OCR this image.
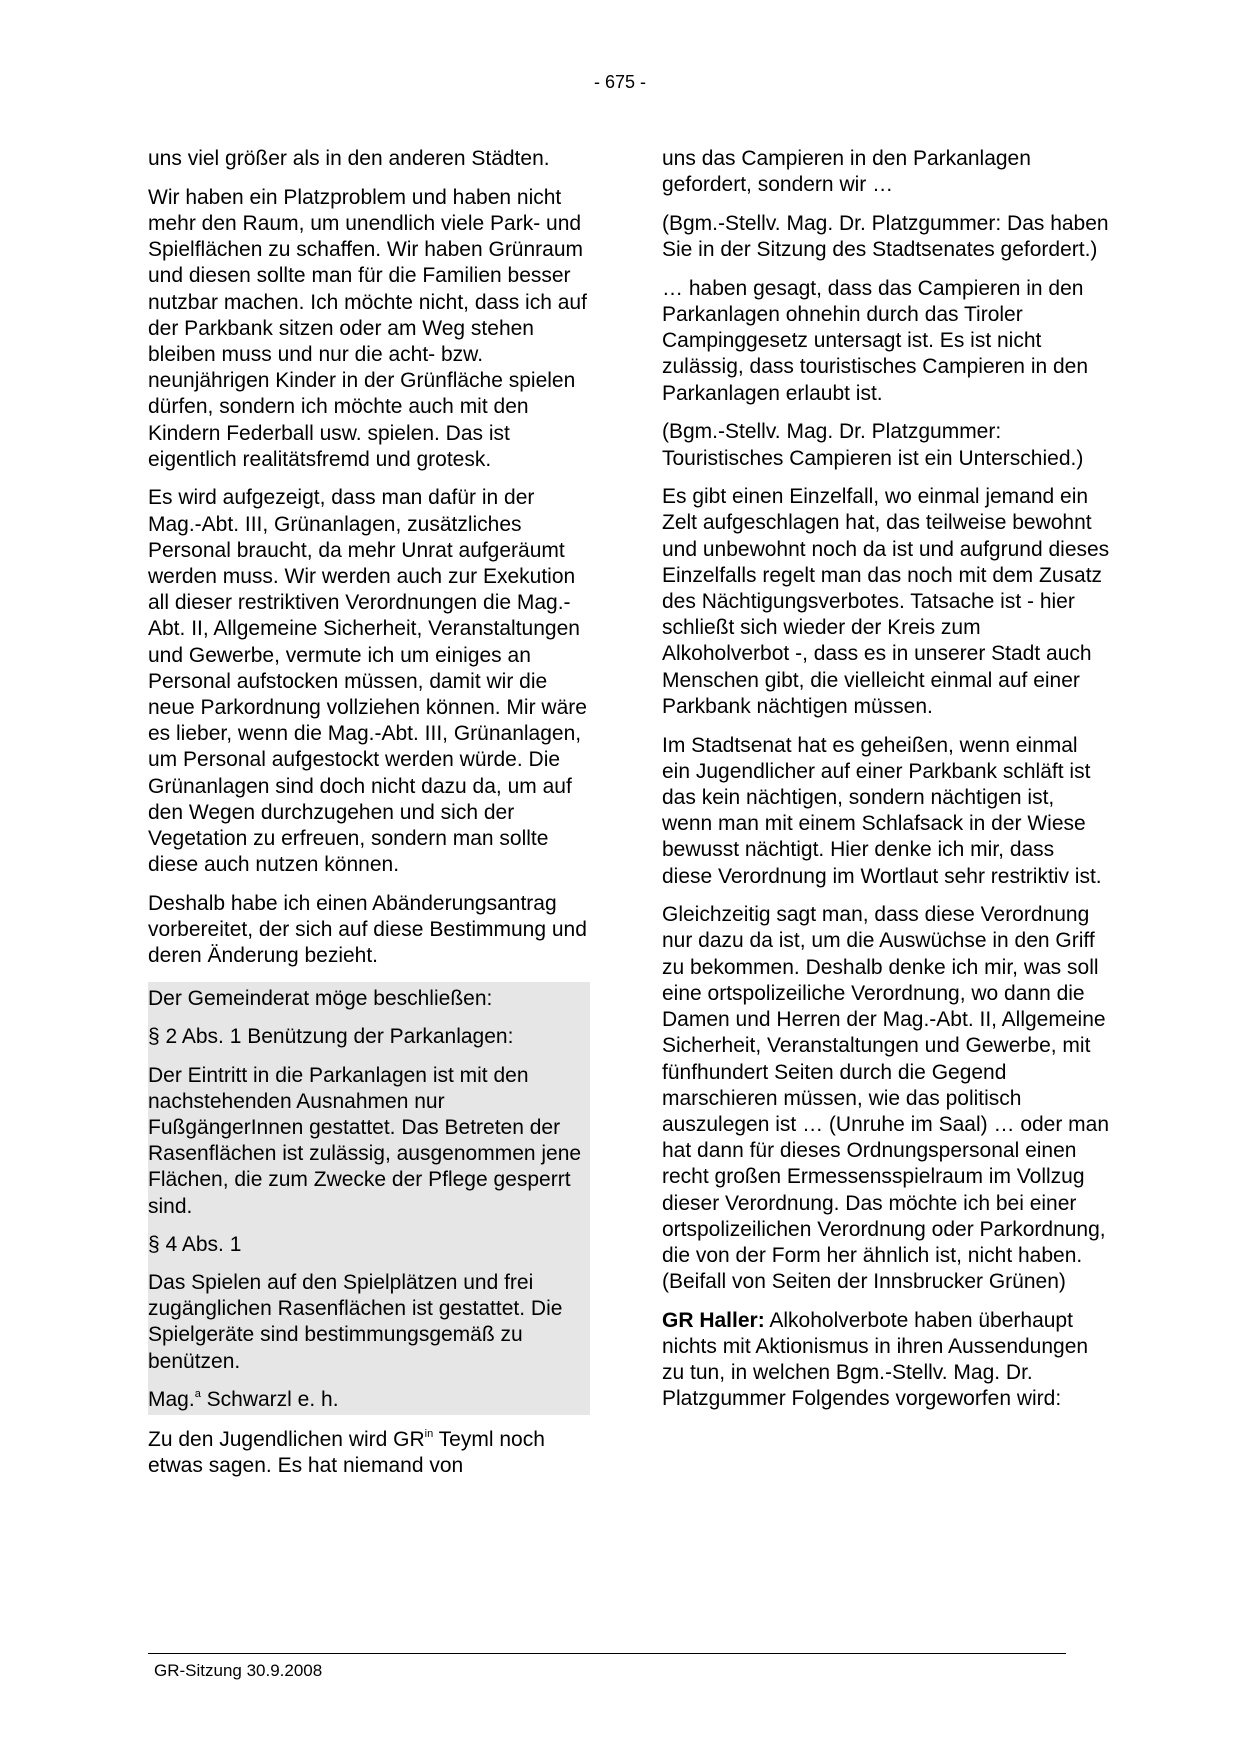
- 675 -

uns viel größer als in den anderen Städten.

Wir haben ein Platzproblem und haben nicht mehr den Raum, um unendlich viele Park- und Spielflächen zu schaffen. Wir haben Grünraum und diesen sollte man für die Familien besser nutzbar machen. Ich möchte nicht, dass ich auf der Parkbank sitzen oder am Weg stehen bleiben muss und nur die acht- bzw. neunjährigen Kinder in der Grünfläche spielen dürfen, sondern ich möchte auch mit den Kindern Federball usw. spielen. Das ist eigentlich realitätsfremd und grotesk.

Es wird aufgezeigt, dass man dafür in der Mag.-Abt. III, Grünanlagen, zusätzliches Personal braucht, da mehr Unrat aufgeräumt werden muss. Wir werden auch zur Exekution all dieser restriktiven Verordnungen die Mag.-Abt. II, Allgemeine Sicherheit, Veranstaltungen und Gewerbe, vermute ich um einiges an Personal aufstocken müssen, damit wir die neue Parkordnung vollziehen können. Mir wäre es lieber, wenn die Mag.-Abt. III, Grünanlagen, um Personal aufgestockt werden würde. Die Grünanlagen sind doch nicht dazu da, um auf den Wegen durchzugehen und sich der Vegetation zu erfreuen, sondern man sollte diese auch nutzen können.

Deshalb habe ich einen Abänderungsantrag vorbereitet, der sich auf diese Bestimmung und deren Änderung bezieht.

Der Gemeinderat möge beschließen:

§ 2 Abs. 1 Benützung der Parkanlagen:

Der Eintritt in die Parkanlagen ist mit den nachstehenden Ausnahmen nur FußgängerInnen gestattet. Das Betreten der Rasenflächen ist zulässig, ausgenommen jene Flächen, die zum Zwecke der Pflege gesperrt sind.

§ 4 Abs. 1

Das Spielen auf den Spielplätzen und frei zugänglichen Rasenflächen ist gestattet. Die Spielgeräte sind bestimmungsgemäß zu benützen.

Mag.$^a$ Schwarzl e. h.

Zu den Jugendlichen wird $GR^{in}$ Teyml noch etwas sagen. Es hat niemand von

uns das Campieren in den Parkanlagen gefordert, sondern wir …

(Bgm.-Stellv. Mag. Dr. Platzgummer: Das haben Sie in der Sitzung des Stadtsenates gefordert.)

… haben gesagt, dass das Campieren in den Parkanlagen ohnehin durch das Tiroler Campinggesetz untersagt ist. Es ist nicht zulässig, dass touristisches Campieren in den Parkanlagen erlaubt ist.

(Bgm.-Stellv. Mag. Dr. Platzgummer: Touristisches Campieren ist ein Unterschied.)

Es gibt einen Einzelfall, wo einmal jemand ein Zelt aufgeschlagen hat, das teilweise bewohnt und unbewohnt noch da ist und aufgrund dieses Einzelfalls regelt man das noch mit dem Zusatz des Nächtigungsverbotes. Tatsache ist - hier schließt sich wieder der Kreis zum Alkoholverbot -, dass es in unserer Stadt auch Menschen gibt, die vielleicht einmal auf einer Parkbank nächtigen müssen.

Im Stadtsenat hat es geheißen, wenn einmal ein Jugendlicher auf einer Parkbank schläft ist das kein nächtigen, sondern nächtigen ist, wenn man mit einem Schlafsack in der Wiese bewusst nächtigt. Hier denke ich mir, dass diese Verordnung im Wortlaut sehr restriktiv ist.

Gleichzeitig sagt man, dass diese Verordnung nur dazu da ist, um die Auswüchse in den Griff zu bekommen. Deshalb denke ich mir, was soll eine ortspolizeiliche Verordnung, wo dann die Damen und Herren der Mag.-Abt. II, Allgemeine Sicherheit, Veranstaltungen und Gewerbe, mit fünfhundert Seiten durch die Gegend marschieren müssen, wie das politisch auszulegen ist … (Unruhe im Saal) … oder man hat dann für dieses Ordnungspersonal einen recht großen Ermessensspielraum im Vollzug dieser Verordnung. Das möchte ich bei einer ortspolizeilichen Verordnung oder Parkordnung, die von der Form her ähnlich ist, nicht haben. (Beifall von Seiten der Innsbrucker Grünen)

GR Haller: Alkoholverbote haben überhaupt nichts mit Aktionismus in ihren Aussendungen zu tun, in welchen Bgm.-Stellv. Mag. Dr. Platzgummer Folgendes vorgeworfen wird:

GR-Sitzung 30.9.2008
